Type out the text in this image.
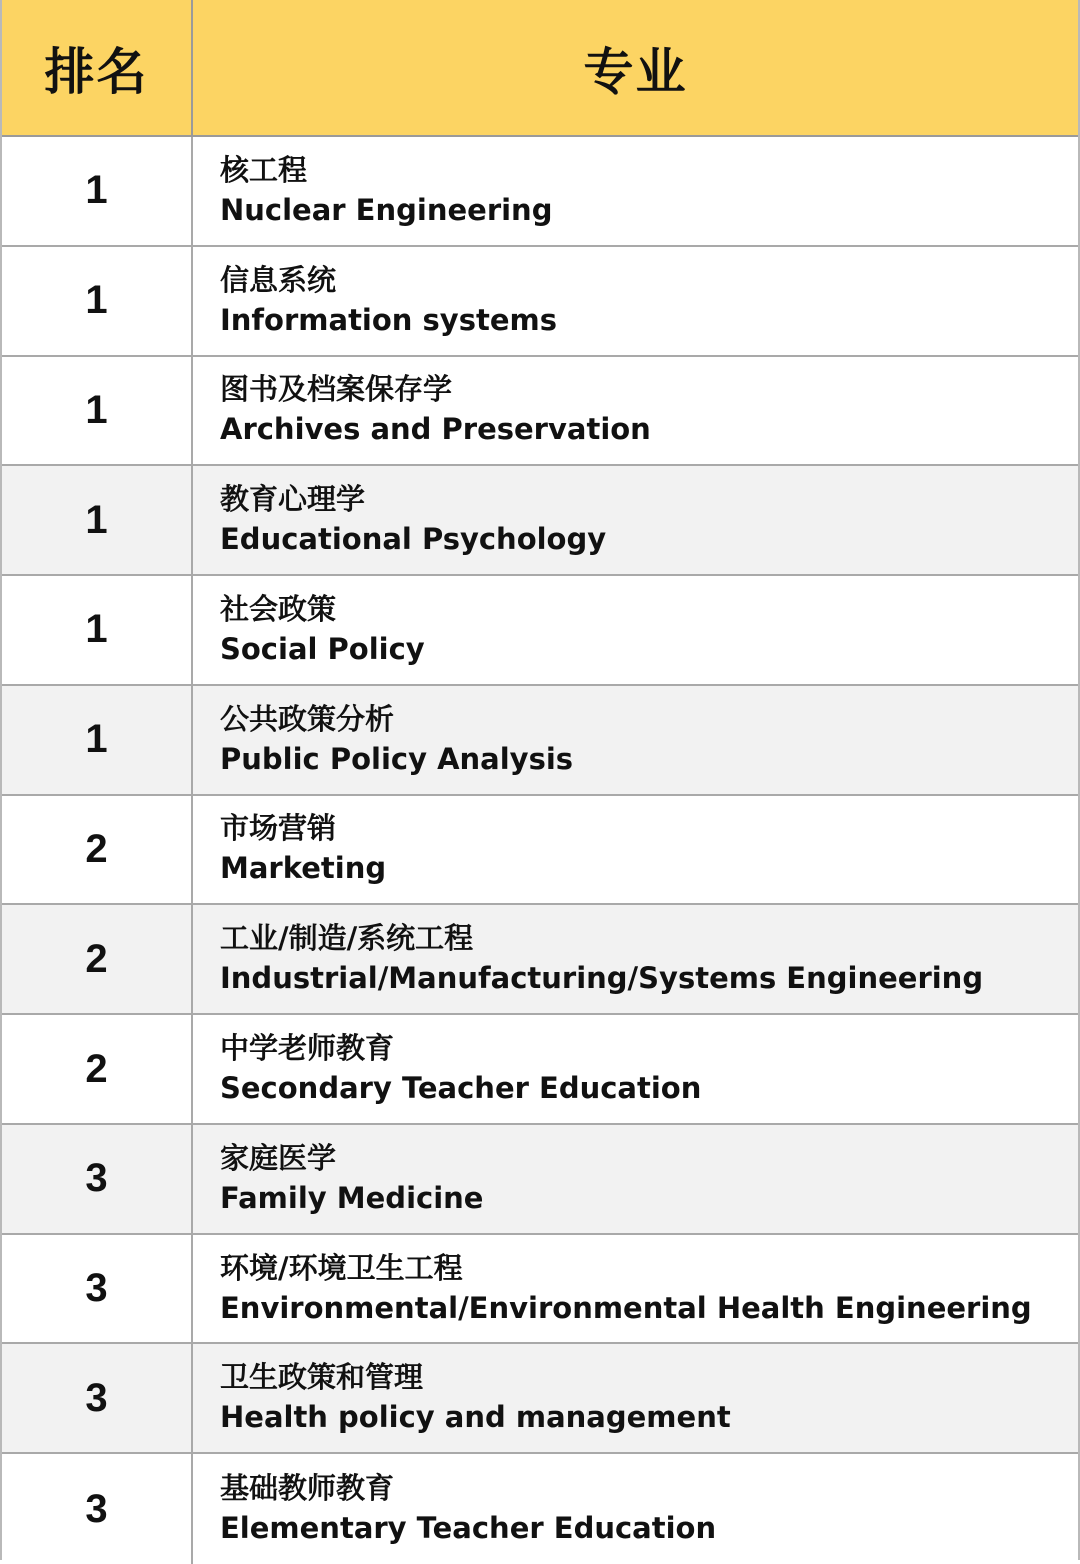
排名	专业
1	核工程
Nuclear Engineering
1	信息系统
Information systems
1	图书及档案保存学
Archives and Preservation
1	教育心理学
Educational Psychology
1	社会政策
Social Policy
1	公共政策分析
Public Policy Analysis
2	市场营销
Marketing
2	工业/制造/系统工程
Industrial/Manufacturing/Systems Engineering
2	中学老师教育
Secondary Teacher Education
3	家庭医学
Family Medicine
3	环境/环境卫生工程
Environmental/Environmental Health Engineering
3	卫生政策和管理
Health policy and management
3	基础教师教育
Elementary Teacher Education
